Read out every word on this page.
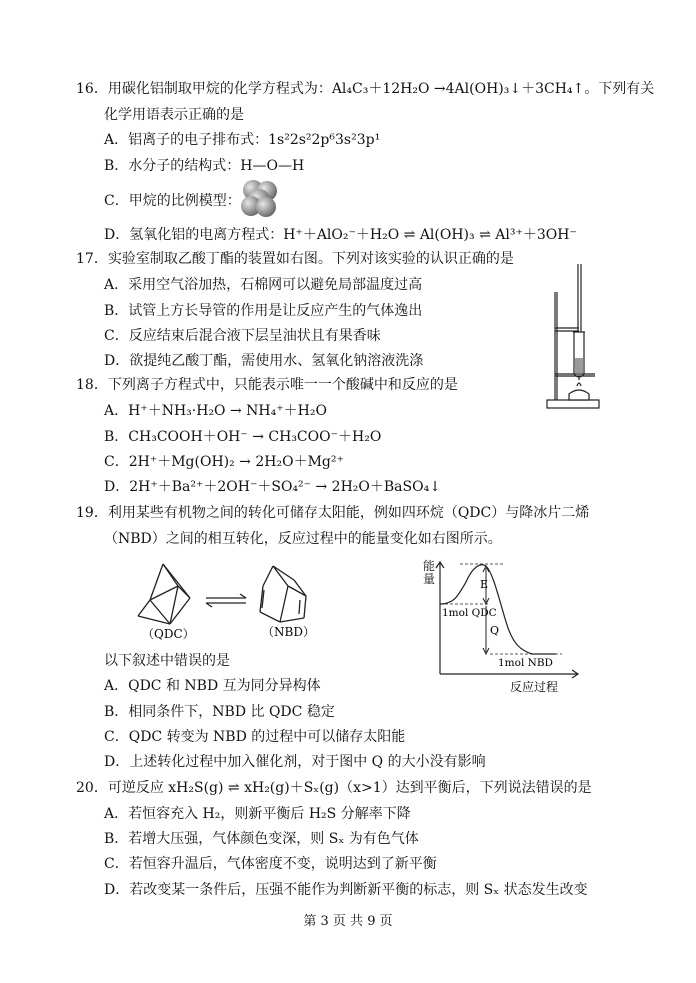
16．用碳化铝制取甲烷的化学方程式为：Al₄C₃＋12H₂O →4Al(OH)₃↓＋3CH₄↑。下列有关
化学用语表示正确的是
A．铝离子的电子排布式：1s²2s²2p⁶3s²3p¹
B．水分子的结构式：H—O—H
C．甲烷的比例模型：
D．氢氧化铝的电离方程式：H⁺＋AlO₂⁻＋H₂O ⇌ Al(OH)₃ ⇌ Al³⁺＋3OH⁻
17．实验室制取乙酸丁酯的装置如右图。下列对该实验的认识正确的是
A．采用空气浴加热，石棉网可以避免局部温度过高
B．试管上方长导管的作用是让反应产生的气体逸出
C．反应结束后混合液下层呈油状且有果香味
D．欲提纯乙酸丁酯，需使用水、氢氧化钠溶液洗涤
18．下列离子方程式中，只能表示唯一一个酸碱中和反应的是
A．H⁺＋NH₃·H₂O → NH₄⁺＋H₂O
B．CH₃COOH＋OH⁻ → CH₃COO⁻＋H₂O
C．2H⁺＋Mg(OH)₂ → 2H₂O＋Mg²⁺
D．2H⁺＋Ba²⁺＋2OH⁻＋SO₄²⁻ → 2H₂O＋BaSO₄↓
19．利用某些有机物之间的转化可储存太阳能，例如四环烷（QDC）与降冰片二烯
（NBD）之间的相互转化，反应过程中的能量变化如右图所示。
（QDC）	（NBD）
E
Q
1mol QDC
1mol NBD
反应过程
能量
以下叙述中错误的是
A．QDC 和 NBD 互为同分异构体
B．相同条件下，NBD 比 QDC 稳定
C．QDC 转变为 NBD 的过程中可以储存太阳能
D．上述转化过程中加入催化剂，对于图中 Q 的大小没有影响
20．可逆反应 xH₂S(g) ⇌ xH₂(g)＋Sₓ(g)（x>1）达到平衡后，下列说法错误的是
A．若恒容充入 H₂，则新平衡后 H₂S 分解率下降
B．若增大压强，气体颜色变深，则 Sₓ 为有色气体
C．若恒容升温后，气体密度不变，说明达到了新平衡
D．若改变某一条件后，压强不能作为判断新平衡的标志，则 Sₓ 状态发生改变
第 3 页 共 9 页
